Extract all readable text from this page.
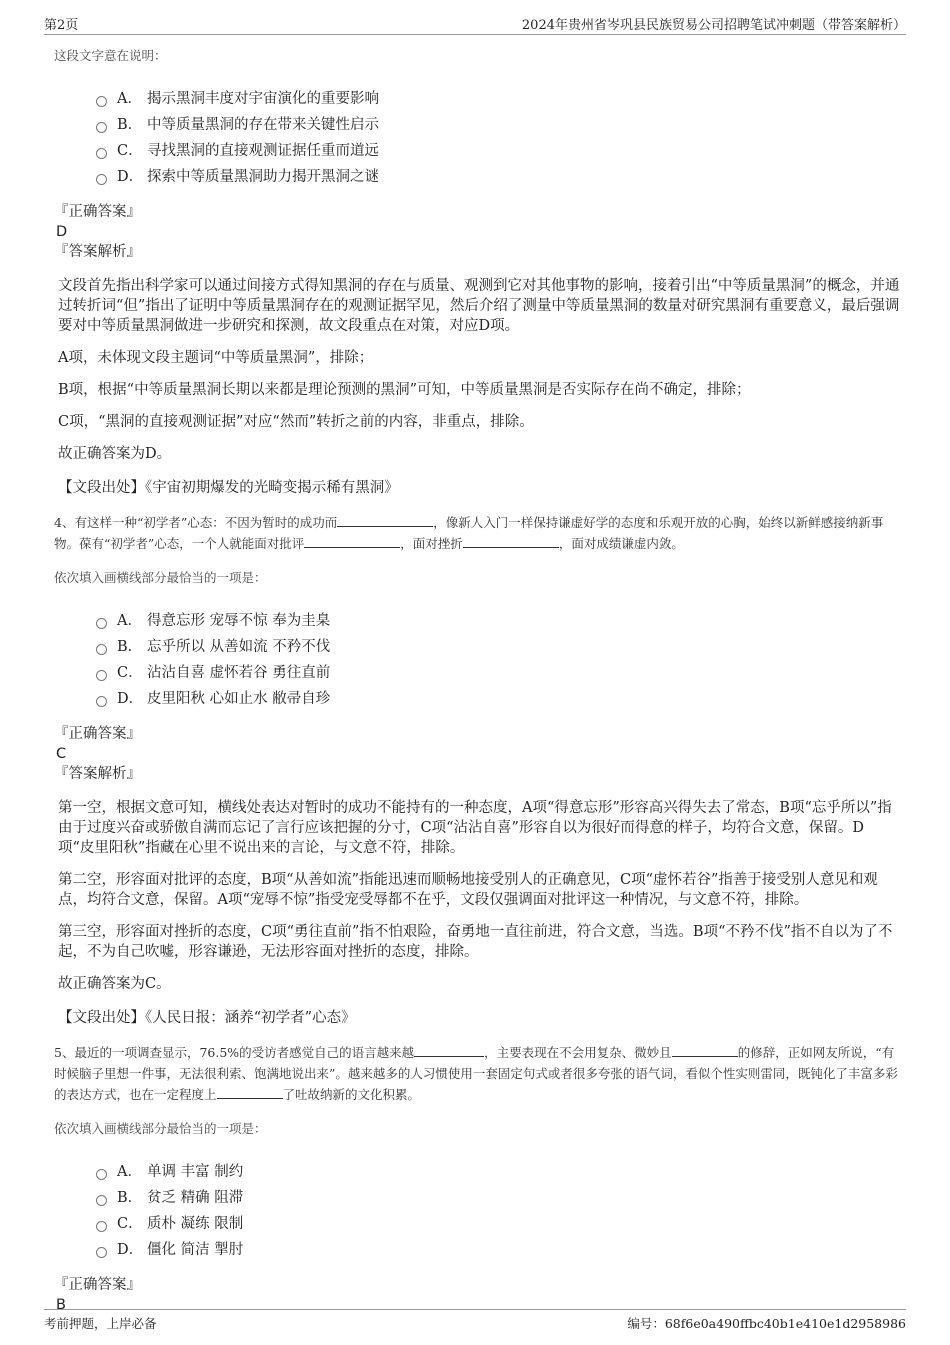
第2页	2024年贵州省岑巩县民族贸易公司招聘笔试冲刺题（带答案解析）

这段文字意在说明：

A． 揭示黑洞丰度对宇宙演化的重要影响
B． 中等质量黑洞的存在带来关键性启示
C． 寻找黑洞的直接观测证据任重而道远
D． 探索中等质量黑洞助力揭开黑洞之谜
『正确答案』
D
『答案解析』

文段首先指出科学家可以通过间接方式得知黑洞的存在与质量、观测到它对其他事物的影响，接着引出“中等质量黑洞”的概念，并通过转折词“但”指出了证明中等质量黑洞存在的观测证据罕见，然后介绍了测量中等质量黑洞的数量对研究黑洞有重要意义，最后强调要对中等质量黑洞做进一步研究和探测，故文段重点在对策，对应D项。

A项，未体现文段主题词“中等质量黑洞”，排除；

B项，根据“中等质量黑洞长期以来都是理论预测的黑洞”可知，中等质量黑洞是否实际存在尚不确定，排除；

C项，“黑洞的直接观测证据”对应“然而”转折之前的内容，非重点，排除。

故正确答案为D。

【文段出处】《宇宙初期爆发的光畸变揭示稀有黑洞》
4、有这样一种“初学者”心态：不因为暂时的成功而	，像新人入门一样保持谦虚好学的态度和乐观开放的心胸，始终以新鲜感接纳新事物。葆有“初学者”心态，一个人就能面对批评	，面对挫折	，面对成绩谦虚内敛。

依次填入画横线部分最恰当的一项是：

A． 得意忘形 宠辱不惊 奉为圭臬
B． 忘乎所以 从善如流 不矜不伐
C． 沾沾自喜 虚怀若谷 勇往直前
D． 皮里阳秋 心如止水 敝帚自珍
『正确答案』
C
『答案解析』

第一空，根据文意可知，横线处表达对暂时的成功不能持有的一种态度，A项“得意忘形”形容高兴得失去了常态，B项“忘乎所以”指由于过度兴奋或骄傲自满而忘记了言行应该把握的分寸，C项“沾沾自喜”形容自以为很好而得意的样子，均符合文意，保留。D项“皮里阳秋”指藏在心里不说出来的言论，与文意不符，排除。

第二空，形容面对批评的态度，B项“从善如流”指能迅速而顺畅地接受别人的正确意见，C项“虚怀若谷”指善于接受别人意见和观点，均符合文意，保留。A项“宠辱不惊”指受宠受辱都不在乎，文段仅强调面对批评这一种情况，与文意不符，排除。

第三空，形容面对挫折的态度，C项“勇往直前”指不怕艰险，奋勇地一直往前进，符合文意，当选。B项“不矜不伐”指不自以为了不起，不为自己吹嘘，形容谦逊，无法形容面对挫折的态度，排除。

故正确答案为C。

【文段出处】《人民日报：涵养“初学者”心态》
5、最近的一项调查显示，76.5%的受访者感觉自己的语言越来越	，主要表现在不会用复杂、微妙且	的修辞，正如网友所说，“有时候脑子里想一件事，无法很利索、饱满地说出来”。越来越多的人习惯使用一套固定句式或者很多夸张的语气词，看似个性实则雷同，既钝化了丰富多彩的表达方式，也在一定程度上	了吐故纳新的文化积累。

依次填入画横线部分最恰当的一项是：

A． 单调 丰富 制约
B． 贫乏 精确 阻滞
C． 质朴 凝练 限制
D． 僵化 简洁 掣肘
『正确答案』
B
考前押题，上岸必备	编号：68f6e0a490ffbc40b1e410e1d2958986
